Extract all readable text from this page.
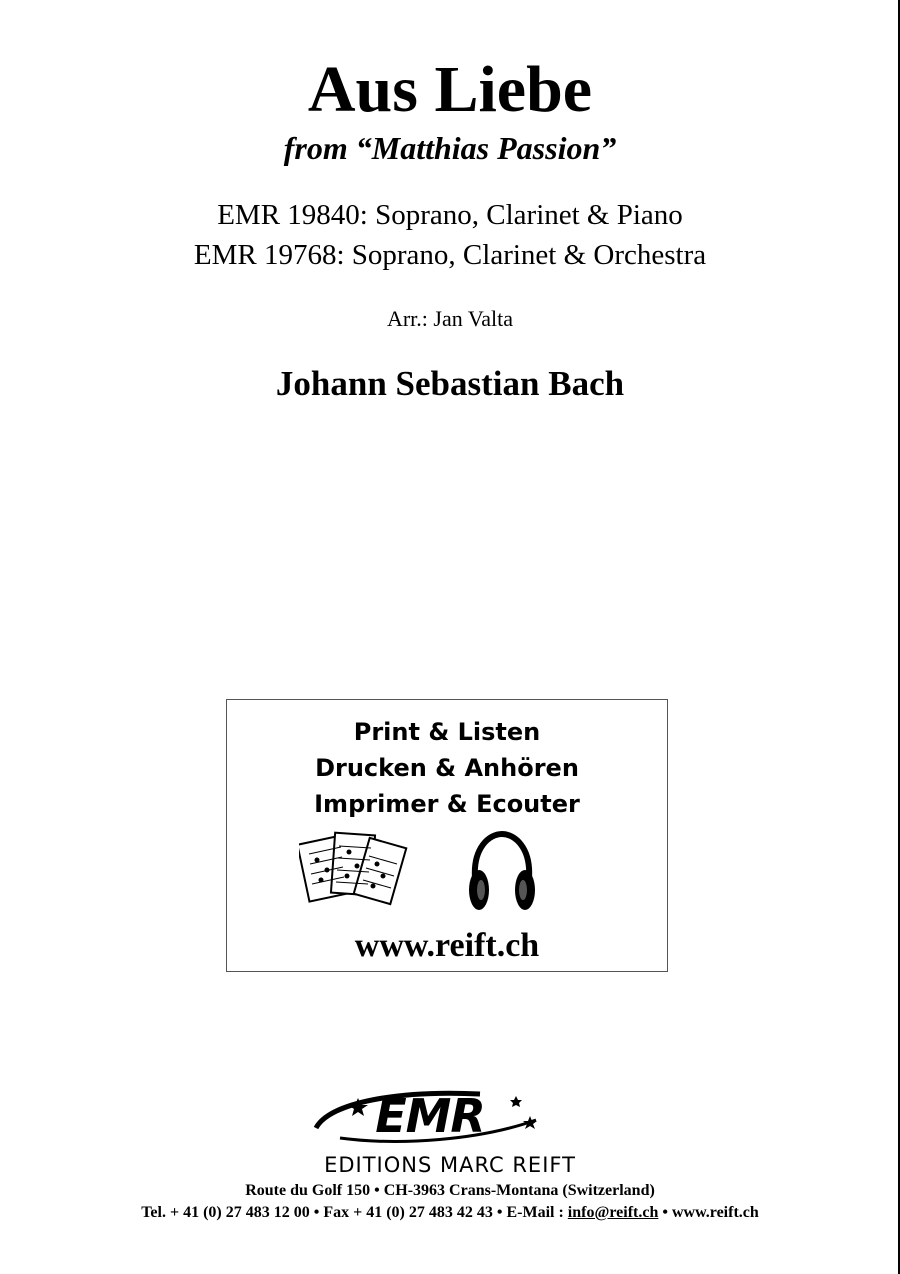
Aus Liebe
from “Matthias Passion”
EMR 19840: Soprano, Clarinet & Piano
EMR 19768: Soprano, Clarinet & Orchestra
Arr.: Jan Valta
Johann Sebastian Bach
Print & Listen
Drucken & Anhören
Imprimer & Ecouter
www.reift.ch
EMR
EDITIONS MARC REIFT
Route du Golf 150 • CH-3963 Crans-Montana (Switzerland)
Tel. + 41 (0) 27 483 12 00 • Fax + 41 (0) 27 483 42 43 • E-Mail : info@reift.ch • www.reift.ch
